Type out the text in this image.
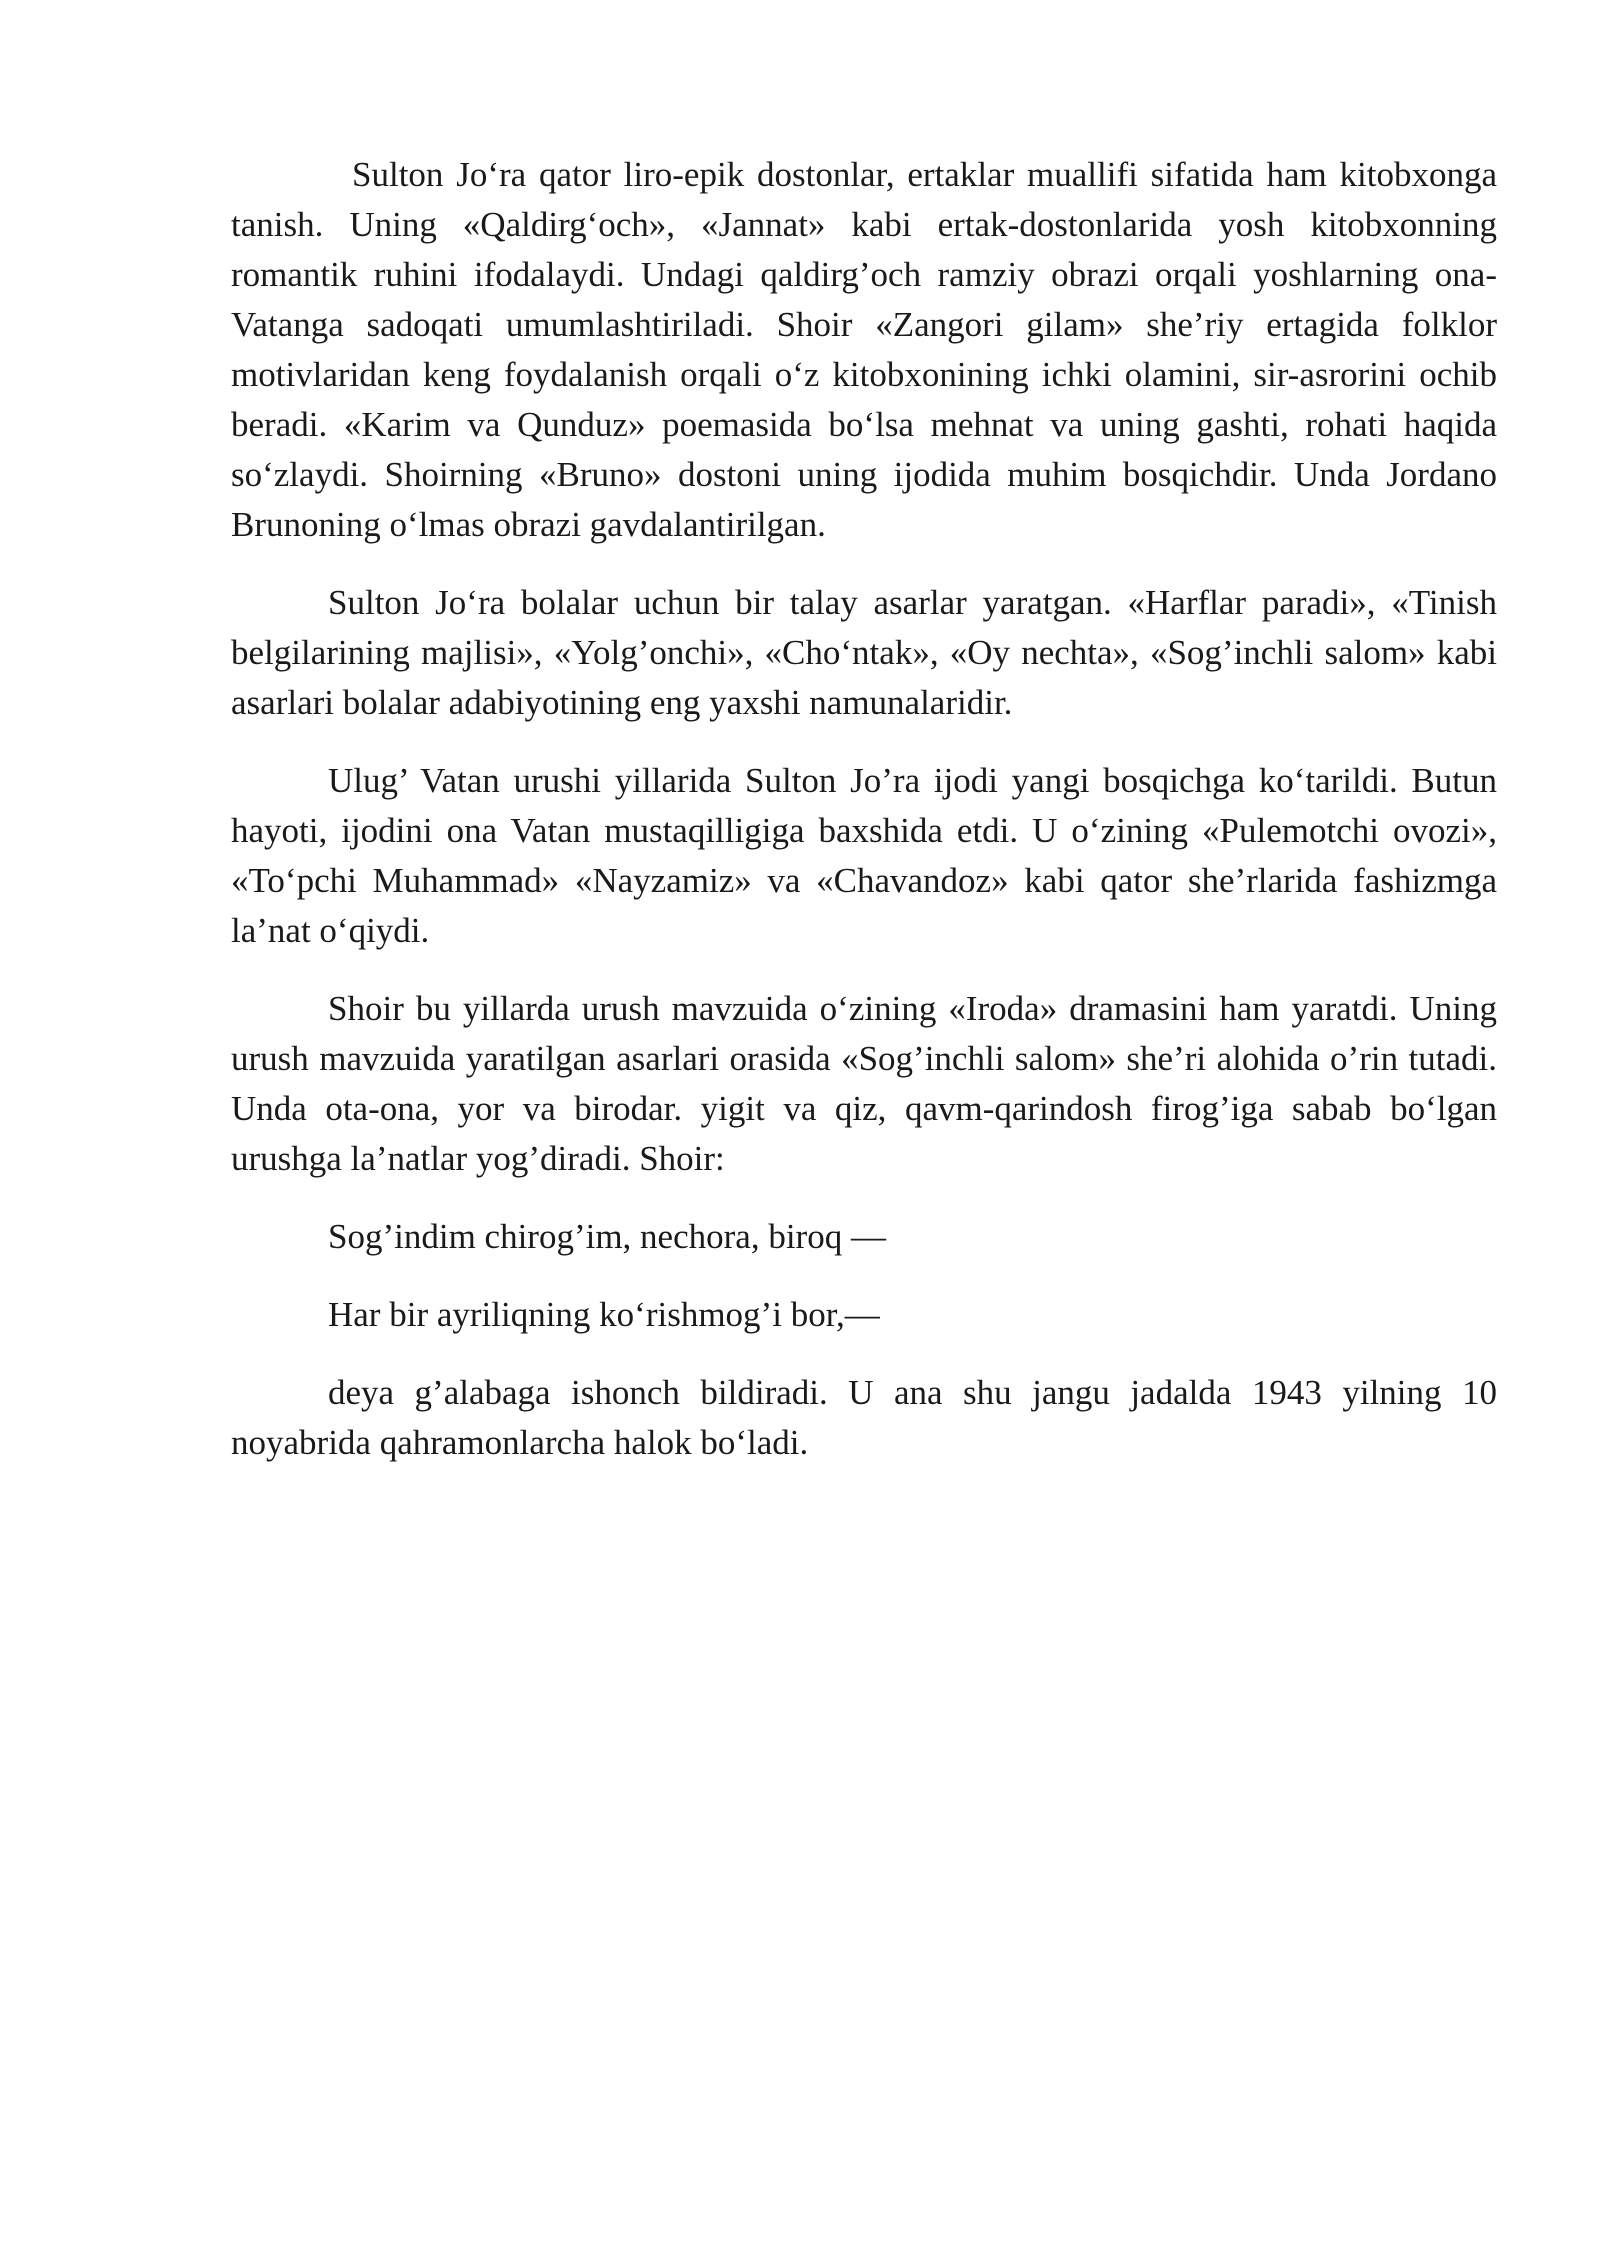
Sulton Jo‘ra qator liro-epik dostonlar, ertaklar muallifi sifatida ham kitobxonga tanish. Uning «Qaldirg‘och», «Jannat» kabi ertak-dostonlarida yosh kitobxonning romantik ruhini ifodalaydi. Undagi qaldirg’och ramziy obrazi orqali yoshlarning ona-Vatanga sadoqati umumlashtiriladi. Shoir «Zangori gilam» she’riy ertagida folklor motivlaridan keng foydalanish orqali o‘z kitobxonining ichki olamini, sir-asrorini ochib beradi. «Karim va Qunduz» poemasida bo‘lsa mehnat va uning gashti, rohati haqida so‘zlaydi. Shoirning «Bruno» dostoni uning ijodida muhim bosqichdir. Unda Jordano Brunoning o‘lmas obrazi gavdalantirilgan.

Sulton Jo‘ra bolalar uchun bir talay asarlar yaratgan. «Harflar paradi», «Tinish belgilarining majlisi», «Yolg’onchi», «Cho‘ntak», «Oy nechta», «Sog’inchli salom» kabi asarlari bolalar adabiyotining eng yaxshi namunalaridir.

Ulug’ Vatan urushi yillarida Sulton Jo’ra ijodi yangi bosqichga ko‘tarildi. Butun hayoti, ijodini ona Vatan mustaqilligiga baxshida etdi. U o‘zining «Pulemotchi ovozi», «To‘pchi Muhammad» «Nayzamiz» va «Chavandoz» kabi qator she’rlarida fashizmga la’nat o‘qiydi.

Shoir bu yillarda urush mavzuida o‘zining «Iroda» dramasini ham yaratdi. Uning urush mavzuida yaratilgan asarlari orasida «Sog’inchli salom» she’ri alohida o’rin tutadi. Unda ota-ona, yor va birodar. yigit va qiz, qavm-qarindosh firog’iga sabab bo‘lgan urushga la’natlar yog’diradi. Shoir:

Sog’indim chirog’im, nechora, biroq —

Har bir ayriliqning ko‘rishmog’i bor,—

deya g’alabaga ishonch bildiradi. U ana shu jangu jadalda 1943 yilning 10 noyabrida qahramonlarcha halok bo‘ladi.
